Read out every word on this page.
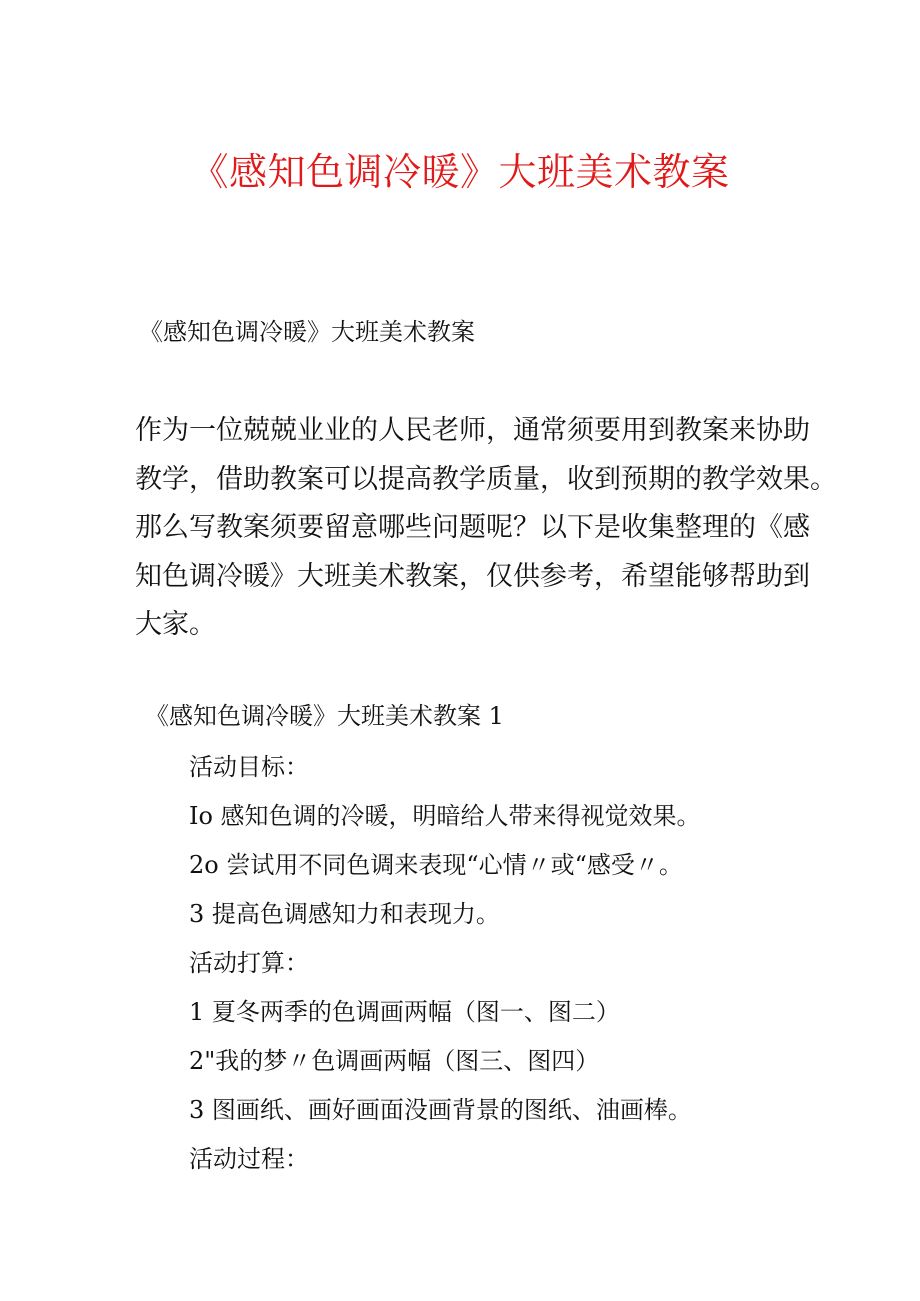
《感知色调冷暖》大班美术教案
《感知色调冷暖》大班美术教案
作为一位兢兢业业的人民老师，通常须要用到教案来协助
教学，借助教案可以提高教学质量，收到预期的教学效果。
那么写教案须要留意哪些问题呢？以下是收集整理的《感
知色调冷暖》大班美术教案，仅供参考，希望能够帮助到
大家。
《感知色调冷暖》大班美术教案 1
活动目标：
Io 感知色调的冷暖，明暗给人带来得视觉效果。
2o 尝试用不同色调来表现“心情〃或“感受〃。
3 提高色调感知力和表现力。
活动打算：
1 夏冬两季的色调画两幅（图一、图二）
2"我的梦〃色调画两幅（图三、图四）
3 图画纸、画好画面没画背景的图纸、油画棒。
活动过程：
